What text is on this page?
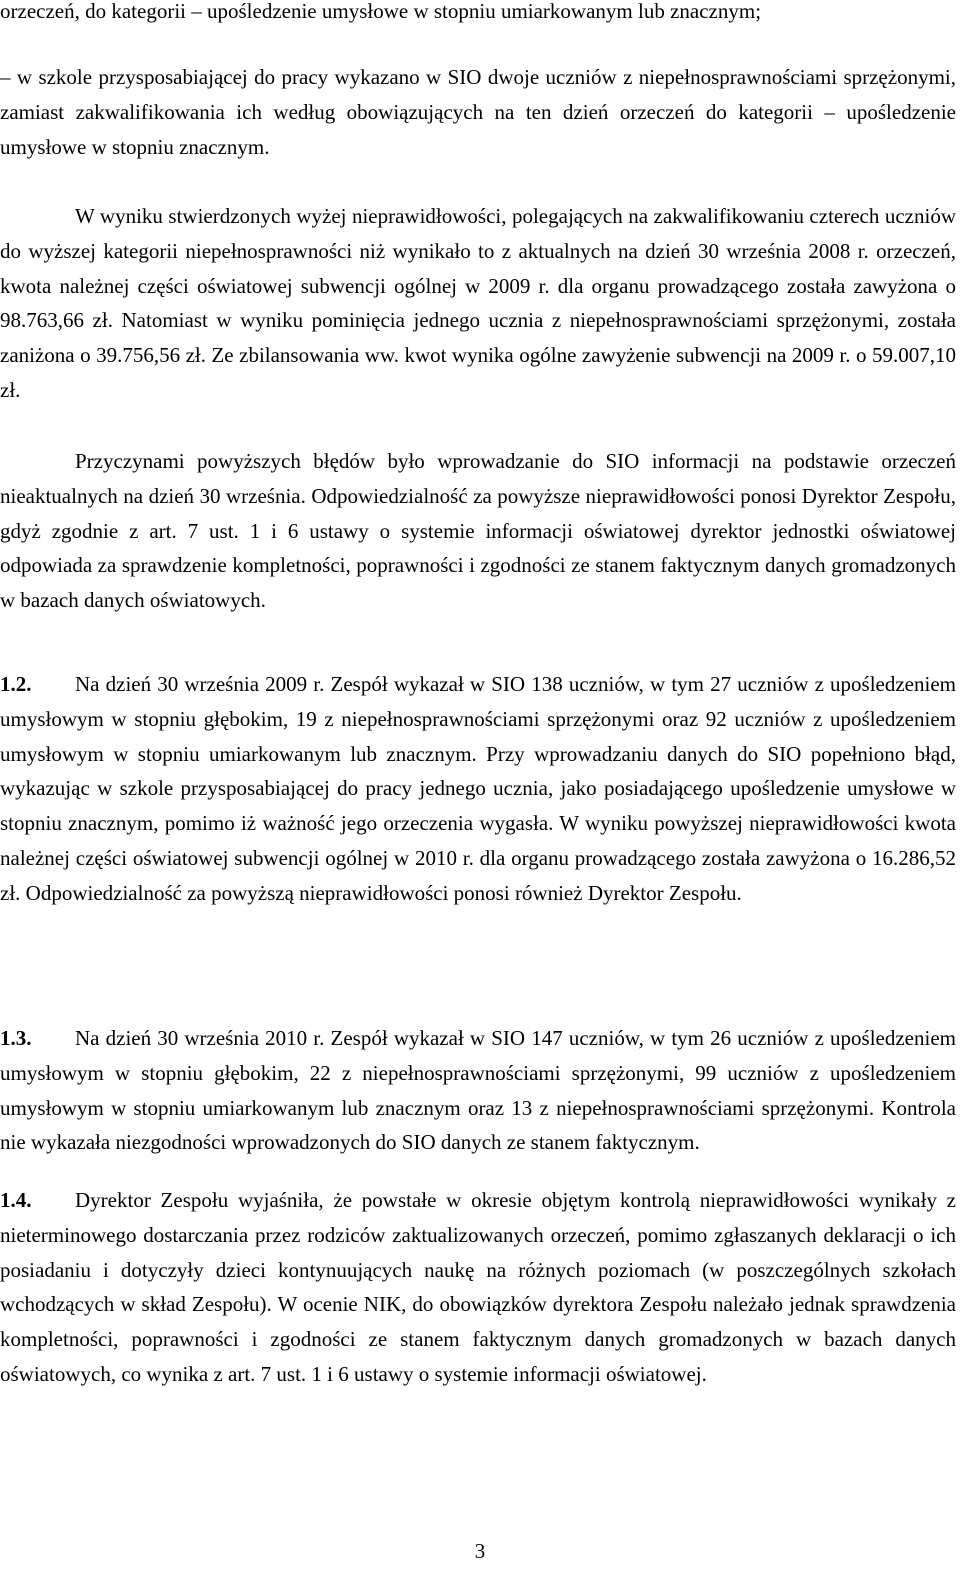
orzeczeń, do kategorii – upośledzenie umysłowe w stopniu umiarkowanym lub znacznym;

– w szkole przysposabiającej do pracy wykazano w SIO dwoje uczniów z niepełnosprawnościami sprzężonymi, zamiast zakwalifikowania ich według obowiązujących na ten dzień orzeczeń do kategorii – upośledzenie umysłowe w stopniu znacznym.

W wyniku stwierdzonych wyżej nieprawidłowości, polegających na zakwalifikowaniu czterech uczniów do wyższej kategorii niepełnosprawności niż wynikało to z aktualnych na dzień 30 września 2008 r. orzeczeń, kwota należnej części oświatowej subwencji ogólnej w 2009 r. dla organu prowadzącego została zawyżona o 98.763,66 zł. Natomiast w wyniku pominięcia jednego ucznia z niepełnosprawnościami sprzężonymi, została zaniżona o 39.756,56 zł. Ze zbilansowania ww. kwot wynika ogólne zawyżenie subwencji na 2009 r. o 59.007,10 zł.

Przyczynami powyższych błędów było wprowadzanie do SIO informacji na podstawie orzeczeń nieaktualnych na dzień 30 września. Odpowiedzialność za powyższe nieprawidłowości ponosi Dyrektor Zespołu, gdyż zgodnie z art. 7 ust. 1 i 6 ustawy o systemie informacji oświatowej dyrektor jednostki oświatowej odpowiada za sprawdzenie kompletności, poprawności i zgodności ze stanem faktycznym danych gromadzonych w bazach danych oświatowych.

1.2. Na dzień 30 września 2009 r. Zespół wykazał w SIO 138 uczniów, w tym 27 uczniów z upośledzeniem umysłowym w stopniu głębokim, 19 z niepełnosprawnościami sprzężonymi oraz 92 uczniów z upośledzeniem umysłowym w stopniu umiarkowanym lub znacznym. Przy wprowadzaniu danych do SIO popełniono błąd, wykazując w szkole przysposabiającej do pracy jednego ucznia, jako posiadającego upośledzenie umysłowe w stopniu znacznym, pomimo iż ważność jego orzeczenia wygasła. W wyniku powyższej nieprawidłowości kwota należnej części oświatowej subwencji ogólnej w 2010 r. dla organu prowadzącego została zawyżona o 16.286,52 zł. Odpowiedzialność za powyższą nieprawidłowości ponosi również Dyrektor Zespołu.

1.3. Na dzień 30 września 2010 r. Zespół wykazał w SIO 147 uczniów, w tym 26 uczniów z upośledzeniem umysłowym w stopniu głębokim, 22 z niepełnosprawnościami sprzężonymi, 99 uczniów z upośledzeniem umysłowym w stopniu umiarkowanym lub znacznym oraz 13 z niepełnosprawnościami sprzężonymi. Kontrola nie wykazała niezgodności wprowadzonych do SIO danych ze stanem faktycznym.

1.4. Dyrektor Zespołu wyjaśniła, że powstałe w okresie objętym kontrolą nieprawidłowości wynikały z nieterminowego dostarczania przez rodziców zaktualizowanych orzeczeń, pomimo zgłaszanych deklaracji o ich posiadaniu i dotyczyły dzieci kontynuujących naukę na różnych poziomach (w poszczególnych szkołach wchodzących w skład Zespołu). W ocenie NIK, do obowiązków dyrektora Zespołu należało jednak sprawdzenia kompletności, poprawności i zgodności ze stanem faktycznym danych gromadzonych w bazach danych oświatowych, co wynika z art. 7 ust. 1 i 6 ustawy o systemie informacji oświatowej.

3
